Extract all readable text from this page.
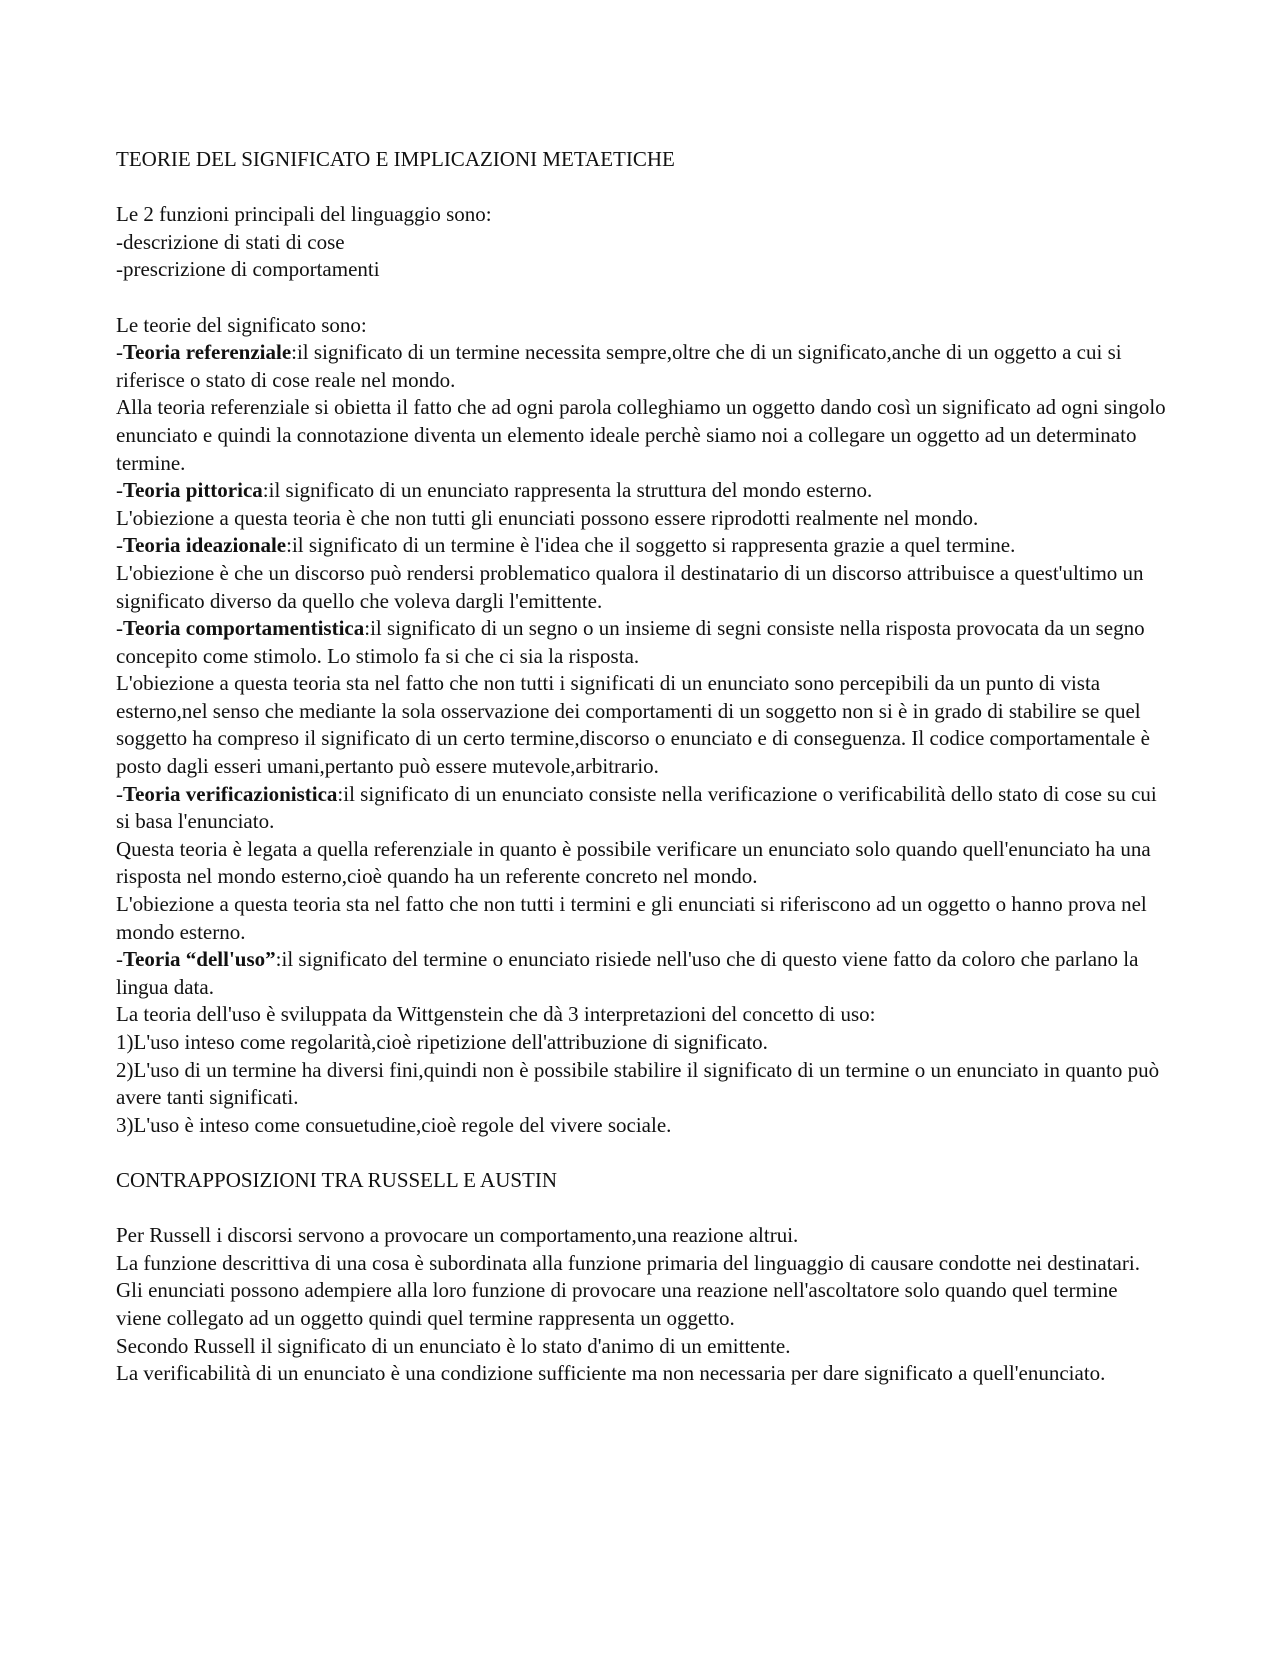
TEORIE DEL SIGNIFICATO E IMPLICAZIONI METAETICHE

Le 2 funzioni principali del linguaggio sono:

-descrizione di stati di cose

-prescrizione di comportamenti

Le teorie del significato sono:

-Teoria referenziale:il significato di un termine necessita sempre,oltre che di un significato,anche di un oggetto a cui si riferisce o stato di cose reale nel mondo.

Alla teoria referenziale si obietta il fatto che ad ogni parola colleghiamo un oggetto dando così un significato ad ogni singolo enunciato e quindi la connotazione diventa un elemento ideale perchè siamo noi a collegare un oggetto ad un determinato termine.

-Teoria pittorica:il significato di un enunciato rappresenta la struttura del mondo esterno.

L'obiezione a questa teoria è che non tutti gli enunciati possono essere riprodotti realmente nel mondo.

-Teoria ideazionale:il significato di un termine è l'idea che il soggetto si rappresenta grazie a quel termine.

L'obiezione è che un discorso può rendersi problematico qualora il destinatario di un discorso attribuisce a quest'ultimo un significato diverso da quello che voleva dargli l'emittente.

-Teoria comportamentistica:il significato di un segno o un insieme di segni consiste nella risposta provocata da un segno concepito come stimolo. Lo stimolo fa si che ci sia la risposta.

L'obiezione a questa teoria sta nel fatto che non tutti i significati di un enunciato sono percepibili da un punto di vista esterno,nel senso che mediante la sola osservazione dei comportamenti di un soggetto non si è in grado di stabilire se quel soggetto ha compreso il significato di un certo termine,discorso o enunciato e di conseguenza. Il codice comportamentale è posto dagli esseri umani,pertanto può essere mutevole,arbitrario.

-Teoria verificazionistica:il significato di un enunciato consiste nella verificazione o verificabilità dello stato di cose su cui si basa l'enunciato.

Questa teoria è legata a quella referenziale in quanto è possibile verificare un enunciato solo quando quell'enunciato ha una risposta nel mondo esterno,cioè quando ha un referente concreto nel mondo.

L'obiezione a questa teoria sta nel fatto che non tutti i termini e gli enunciati si riferiscono ad un oggetto o hanno prova nel mondo esterno.

-Teoria “dell'uso”:il significato del termine o enunciato risiede nell'uso che di questo viene fatto da coloro che parlano la lingua data.

La teoria dell'uso è sviluppata da Wittgenstein che dà 3 interpretazioni del concetto di uso:

1)L'uso inteso come regolarità,cioè ripetizione dell'attribuzione di significato.

2)L'uso di un termine ha diversi fini,quindi non è possibile stabilire il significato di un termine o un enunciato in quanto può avere tanti significati.

3)L'uso è inteso come consuetudine,cioè regole del vivere sociale.

CONTRAPPOSIZIONI TRA RUSSELL E AUSTIN

Per Russell i discorsi servono a provocare un comportamento,una reazione altrui.

La funzione descrittiva di una cosa è subordinata alla funzione primaria del linguaggio di causare condotte nei destinatari.

Gli enunciati possono adempiere alla loro funzione di provocare una reazione nell'ascoltatore solo quando quel termine viene collegato ad un oggetto quindi quel termine rappresenta un oggetto.

Secondo Russell il significato di un enunciato è lo stato d'animo di un emittente.

La verificabilità di un enunciato è una condizione sufficiente ma non necessaria per dare significato a quell'enunciato.
